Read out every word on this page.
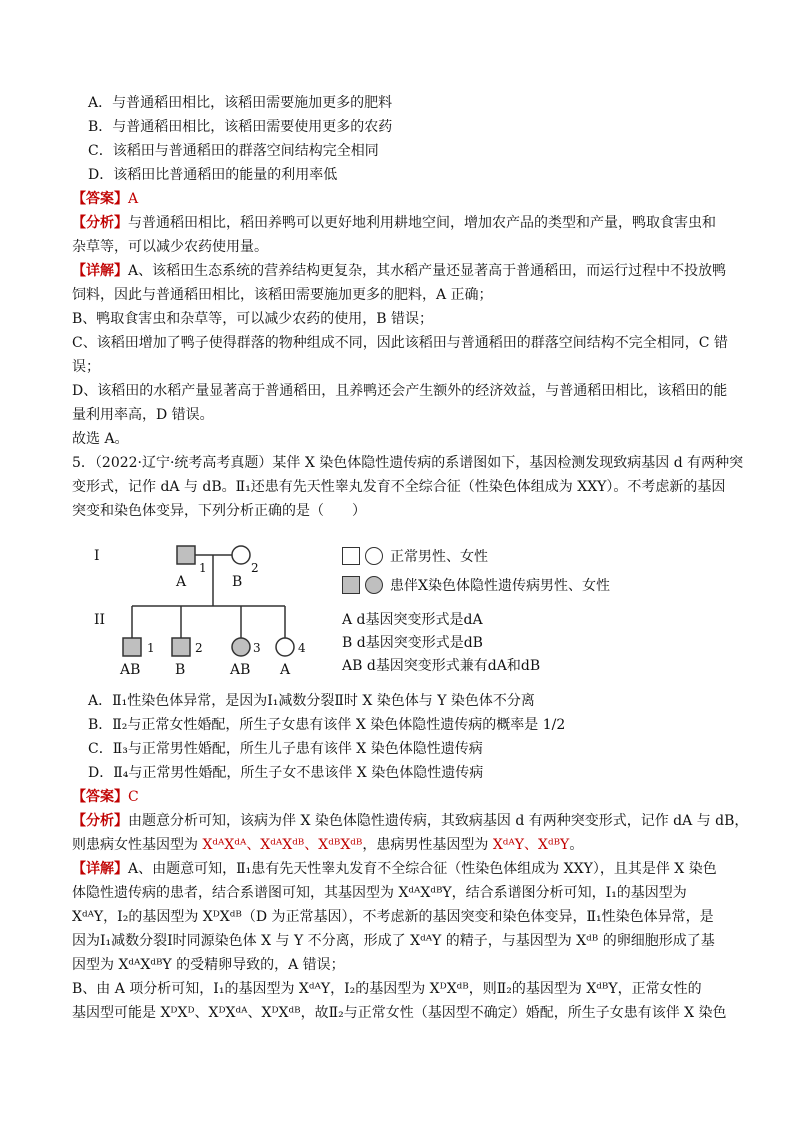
A．与普通稻田相比，该稻田需要施加更多的肥料
B．与普通稻田相比，该稻田需要使用更多的农药
C．该稻田与普通稻田的群落空间结构完全相同
D．该稻田比普通稻田的能量的利用率低
【答案】A
【分析】与普通稻田相比，稻田养鸭可以更好地利用耕地空间，增加农产品的类型和产量，鸭取食害虫和
杂草等，可以减少农药使用量。
【详解】A、该稻田生态系统的营养结构更复杂，其水稻产量还显著高于普通稻田，而运行过程中不投放鸭
饲料，因此与普通稻田相比，该稻田需要施加更多的肥料，A 正确；
B、鸭取食害虫和杂草等，可以减少农药的使用，B 错误；
C、该稻田增加了鸭子使得群落的物种组成不同，因此该稻田与普通稻田的群落空间结构不完全相同，C 错
误；
D、该稻田的水稻产量显著高于普通稻田，且养鸭还会产生额外的经济效益，与普通稻田相比，该稻田的能
量利用率高，D 错误。
故选 A。
5．（2022·辽宁·统考高考真题）某伴 X 染色体隐性遗传病的系谱图如下，基因检测发现致病基因 d 有两种突
变形式，记作 dA 与 dB。Ⅱ₁还患有先天性睾丸发育不全综合征（性染色体组成为 XXY）。不考虑新的基因
突变和染色体变异，下列分析正确的是（　　）
I
II
1
A
2
B
1
AB
2
B
3
AB
4
A
正常男性、女性
患伴X染色体隐性遗传病男性、女性
A d基因突变形式是dA
B d基因突变形式是dB
AB d基因突变形式兼有dA和dB
A．Ⅱ₁性染色体异常，是因为Ⅰ₁减数分裂Ⅱ时 X 染色体与 Y 染色体不分离
B．Ⅱ₂与正常女性婚配，所生子女患有该伴 X 染色体隐性遗传病的概率是 1/2
C．Ⅱ₃与正常男性婚配，所生儿子患有该伴 X 染色体隐性遗传病
D．Ⅱ₄与正常男性婚配，所生子女不患该伴 X 染色体隐性遗传病
【答案】C
【分析】由题意分析可知，该病为伴 X 染色体隐性遗传病，其致病基因 d 有两种突变形式，记作 dA 与 dB，
则患病女性基因型为 XᵈᴬXᵈᴬ、XᵈᴬXᵈᴮ、XᵈᴮXᵈᴮ，患病男性基因型为 XᵈᴬY、XᵈᴮY。
【详解】A、由题意可知，Ⅱ₁患有先天性睾丸发育不全综合征（性染色体组成为 XXY），且其是伴 X 染色
体隐性遗传病的患者，结合系谱图可知，其基因型为 XᵈᴬXᵈᴮY，结合系谱图分析可知，Ⅰ₁的基因型为
XᵈᴬY，Ⅰ₂的基因型为 XᴰXᵈᴮ（D 为正常基因），不考虑新的基因突变和染色体变异，Ⅱ₁性染色体异常，是
因为Ⅰ₁减数分裂Ⅰ时同源染色体 X 与 Y 不分离，形成了 XᵈᴬY 的精子，与基因型为 Xᵈᴮ 的卵细胞形成了基
因型为 XᵈᴬXᵈᴮY 的受精卵导致的，A 错误；
B、由 A 项分析可知，Ⅰ₁的基因型为 XᵈᴬY，Ⅰ₂的基因型为 XᴰXᵈᴮ，则Ⅱ₂的基因型为 XᵈᴮY，正常女性的
基因型可能是 XᴰXᴰ、XᴰXᵈᴬ、XᴰXᵈᴮ，故Ⅱ₂与正常女性（基因型不确定）婚配，所生子女患有该伴 X 染色
